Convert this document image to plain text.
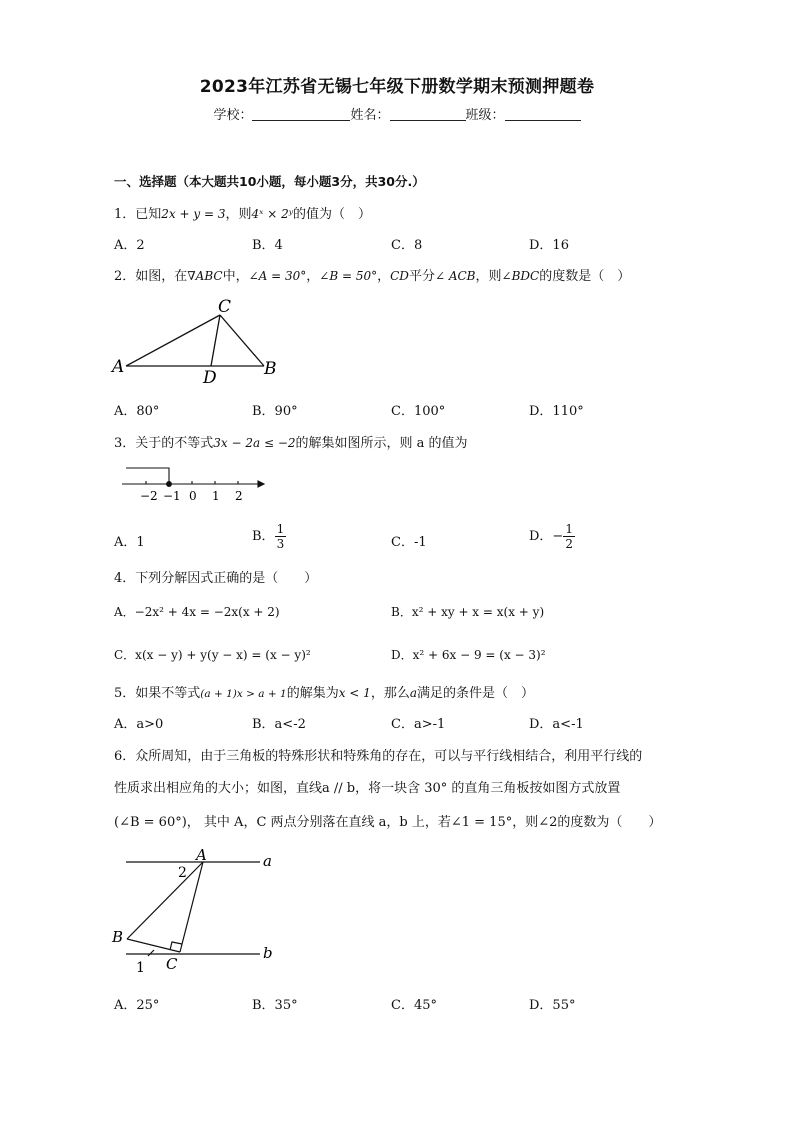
2023年江苏省无锡七年级下册数学期末预测押题卷
学校：	姓名：	班级：
一、选择题（本大题共10小题，每小题3分，共30分.）
1．已知2x + y = 3，则4ˣ × 2ʸ的值为（　）
A．2	B．4	C．8	D．16
2．如图，在∇ABC中，∠A = 30°，∠B = 50°，CD平分∠ ACB，则∠BDC的度数是（　）
C
A
D	B
A．80°	B．90°	C．100°	D．110°
3．关于的不等式3x − 2a ≤ −2的解集如图所示，则 a 的值为
−2 −1 0 1 2
A．1	B． $\frac{1}{3}$	C．-1	D．− $\frac{1}{2}$
4．下列分解因式正确的是（　　）
A．−2x² + 4x = −2x(x + 2)	B．x² + xy + x = x(x + y)
C．x(x − y) + y(y − x) = (x − y)²	D．x² + 6x − 9 = (x − 3)²
5．如果不等式(a + 1)x > a + 1的解集为x < 1，那么a满足的条件是（　）
A．a>0	B．a<-2	C．a>-1	D．a<-1
6．众所周知，由于三角板的特殊形状和特殊角的存在，可以与平行线相结合，利用平行线的
性质求出相应角的大小；如图，直线a // b，将一块含 30° 的直角三角板按如图方式放置
(∠B = 60°)， 其中 A，C 两点分别落在直线 a，b 上，若∠1 = 15°，则∠2的度数为（　　）
A	a
2
B
1 C
b
A．25°	B．35°	C．45°	D．55°
